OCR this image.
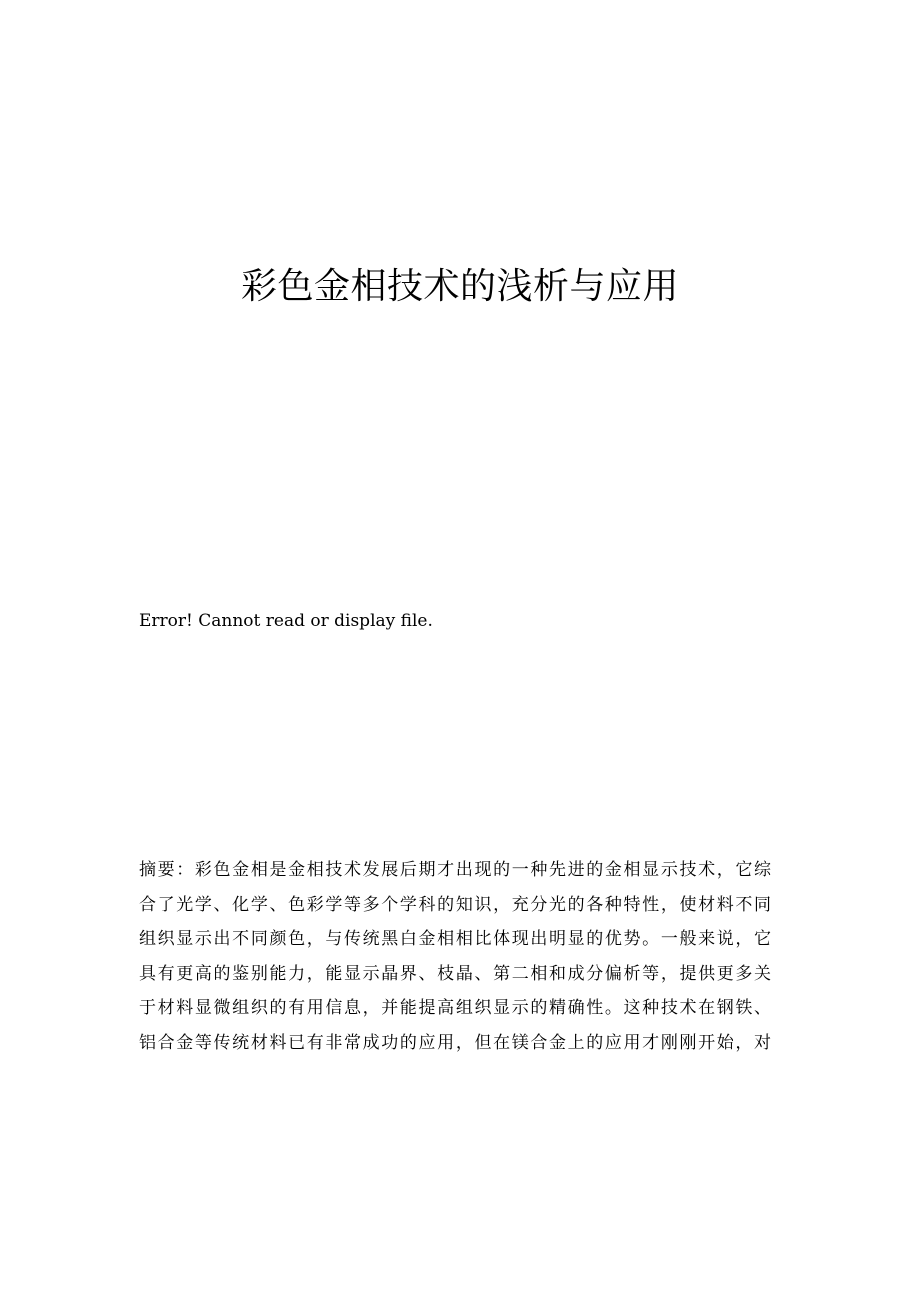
彩色金相技术的浅析与应用
Error! Cannot read or display file.
摘要：彩色金相是金相技术发展后期才出现的一种先进的金相显示技术，它综
合了光学、化学、色彩学等多个学科的知识，充分光的各种特性，使材料不同
组织显示出不同颜色，与传统黑白金相相比体现出明显的优势。一般来说，它
具有更高的鉴别能力，能显示晶界、枝晶、第二相和成分偏析等，提供更多关
于材料显微组织的有用信息，并能提高组织显示的精确性。这种技术在钢铁、
铝合金等传统材料已有非常成功的应用，但在镁合金上的应用才刚刚开始，对
